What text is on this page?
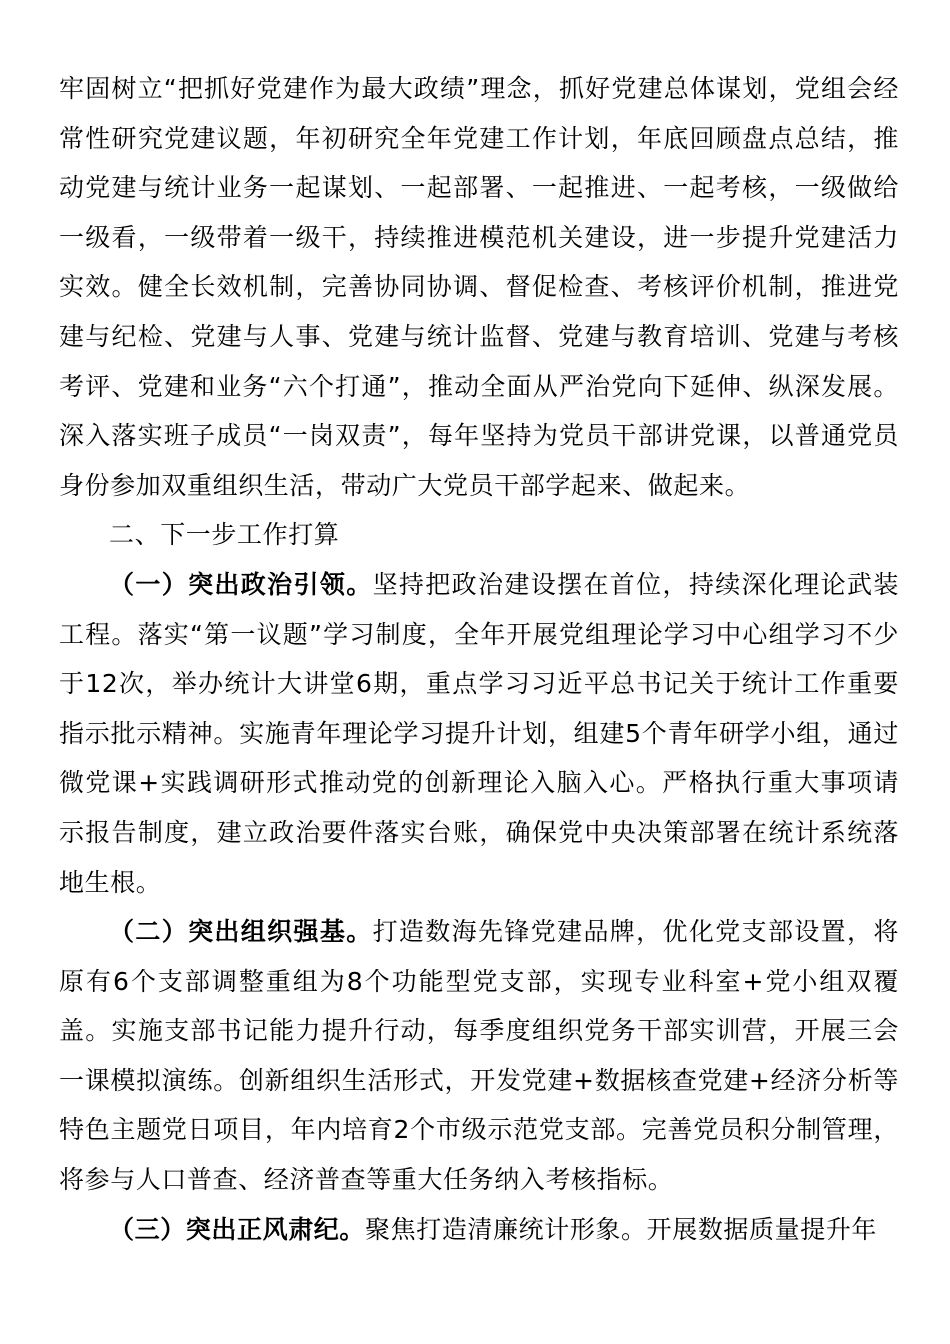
牢固树立“把抓好党建作为最大政绩”理念，抓好党建总体谋划，党组会经常性研究党建议题，年初研究全年党建工作计划，年底回顾盘点总结，推动党建与统计业务一起谋划、一起部署、一起推进、一起考核，一级做给一级看，一级带着一级干，持续推进模范机关建设，进一步提升党建活力实效。健全长效机制，完善协同协调、督促检查、考核评价机制，推进党建与纪检、党建与人事、党建与统计监督、党建与教育培训、党建与考核考评、党建和业务“六个打通”，推动全面从严治党向下延伸、纵深发展。深入落实班子成员“一岗双责”，每年坚持为党员干部讲党课，以普通党员身份参加双重组织生活，带动广大党员干部学起来、做起来。

二、下一步工作打算

（一）突出政治引领。坚持把政治建设摆在首位，持续深化理论武装工程。落实“第一议题”学习制度，全年开展党组理论学习中心组学习不少于12次，举办统计大讲堂6期，重点学习习近平总书记关于统计工作重要指示批示精神。实施青年理论学习提升计划，组建5个青年研学小组，通过微党课+实践调研形式推动党的创新理论入脑入心。严格执行重大事项请示报告制度，建立政治要件落实台账，确保党中央决策部署在统计系统落地生根。

（二）突出组织强基。打造数海先锋党建品牌，优化党支部设置，将原有6个支部调整重组为8个功能型党支部，实现专业科室+党小组双覆盖。实施支部书记能力提升行动，每季度组织党务干部实训营，开展三会一课模拟演练。创新组织生活形式，开发党建+数据核查党建+经济分析等特色主题党日项目，年内培育2个市级示范党支部。完善党员积分制管理，将参与人口普查、经济普查等重大任务纳入考核指标。

（三）突出正风肃纪。聚焦打造清廉统计形象。开展数据质量提升年
